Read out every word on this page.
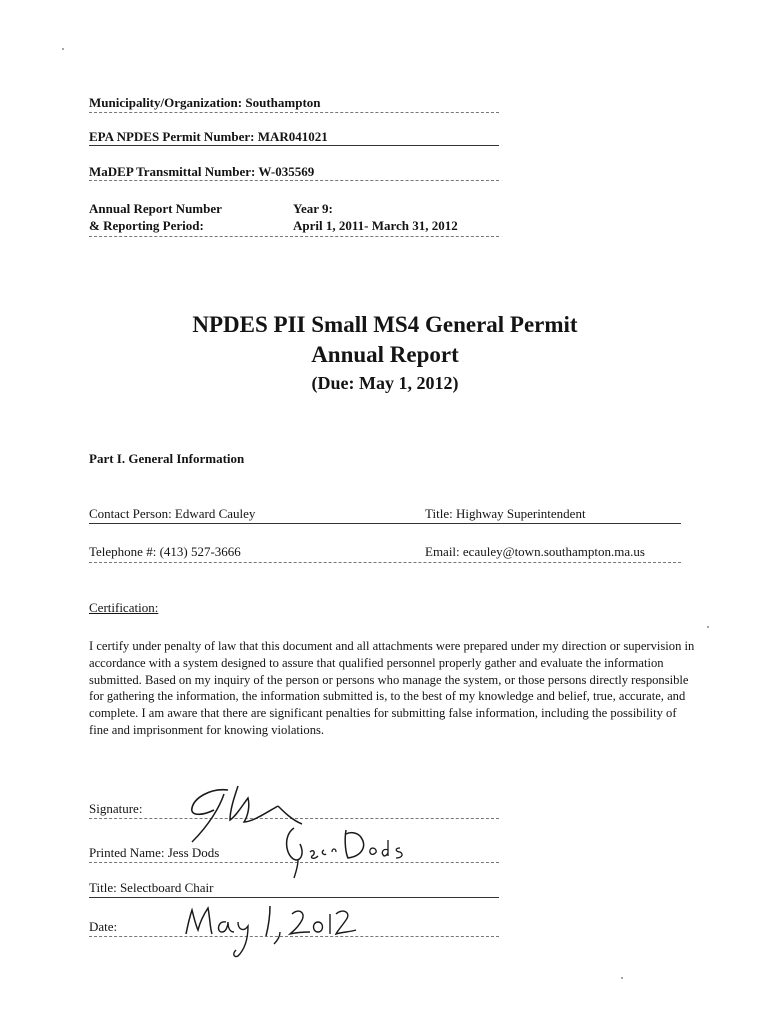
Municipality/Organization: Southampton
EPA NPDES Permit Number: MAR041021
MaDEP Transmittal Number: W-035569
Annual Report Number
& Reporting Period:
Year 9:
April 1, 2011- March 31, 2012
NPDES PII Small MS4 General Permit
Annual Report
(Due: May 1, 2012)
Part I. General Information
Contact Person: Edward Cauley	Title: Highway Superintendent
Telephone #: (413) 527-3666	Email: ecauley@town.southampton.ma.us
Certification:
I certify under penalty of law that this document and all attachments were prepared under my direction or supervision in accordance with a system designed to assure that qualified personnel properly gather and evaluate the information submitted. Based on my inquiry of the person or persons who manage the system, or those persons directly responsible for gathering the information, the information submitted is, to the best of my knowledge and belief, true, accurate, and complete. I am aware that there are significant penalties for submitting false information, including the possibility of fine and imprisonment for knowing violations.
Signature:
Printed Name: Jess Dods
Title: Selectboard Chair
Date:
